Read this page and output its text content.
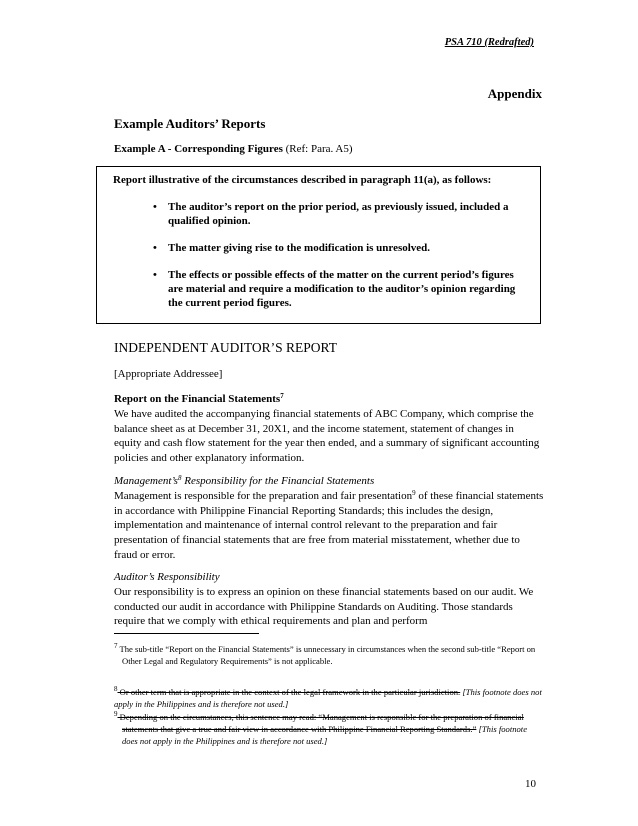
PSA 710 (Redrafted)
Appendix
Example Auditors’ Reports
Example A - Corresponding Figures (Ref: Para. A5)

Report illustrative of the circumstances described in paragraph 11(a), as follows:

• The auditor’s report on the prior period, as previously issued, included a qualified opinion.
• The matter giving rise to the modification is unresolved.
• The effects or possible effects of the matter on the current period’s figures are material and require a modification to the auditor’s opinion regarding the current period figures.
INDEPENDENT AUDITOR’S REPORT
[Appropriate Addressee]

Report on the Financial Statements$^7$

We have audited the accompanying financial statements of ABC Company, which comprise the balance sheet as at December 31, 20X1, and the income statement, statement of changes in equity and cash flow statement for the year then ended, and a summary of significant accounting policies and other explanatory information.

$Management’s^8$ Responsibility for the Financial Statements

Management is responsible for the preparation and fair presentation$^9$ of these financial statements in accordance with Philippine Financial Reporting Standards; this includes the design, implementation and maintenance of internal control relevant to the preparation and fair presentation of financial statements that are free from material misstatement, whether due to fraud or error.

Auditor’s Responsibility

Our responsibility is to express an opinion on these financial statements based on our audit. We conducted our audit in accordance with Philippine Standards on Auditing. Those standards require that we comply with ethical requirements and plan and perform

$^7$ The sub-title “Report on the Financial Statements” is unnecessary in circumstances when the second sub-title “Report on Other Legal and Regulatory Requirements” is not applicable.

$^8$ Or other term that is appropriate in the context of the legal framework in the particular jurisdiction. [This footnote does not apply in the Philippines and is therefore not used.]

$^9$ Depending on the circumstances, this sentence may read: “Management is responsible for the preparation of financial statements that give a true and fair view in accordance with Philippine Financial Reporting Standards.” [This footnote does not apply in the Philippines and is therefore not used.]

10
